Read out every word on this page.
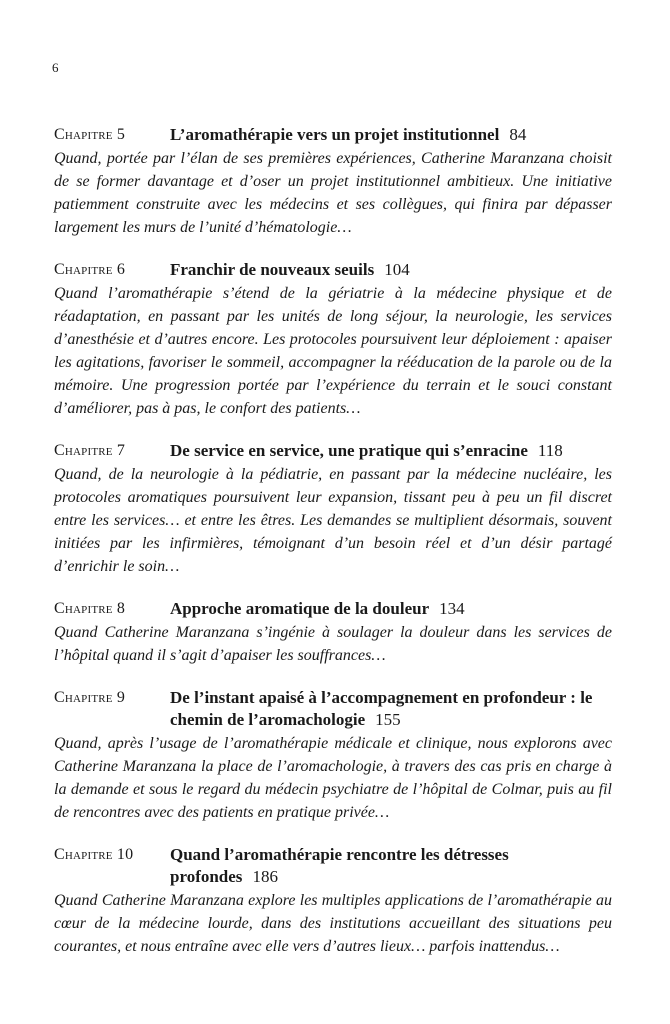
6
Chapitre 5	L’aromathérapie vers un projet institutionnel 84

Quand, portée par l’élan de ses premières expériences, Catherine Maranzana choisit de se former davantage et d’oser un projet institutionnel ambitieux. Une initiative patiemment construite avec les médecins et ses collègues, qui finira par dépasser largement les murs de l’unité d’hématologie…

Chapitre 6	Franchir de nouveaux seuils 104

Quand l’aromathérapie s’étend de la gériatrie à la médecine physique et de réadaptation, en passant par les unités de long séjour, la neurologie, les services d’anesthésie et d’autres encore. Les protocoles poursuivent leur déploiement : apaiser les agitations, favoriser le sommeil, accompagner la rééducation de la parole ou de la mémoire. Une progression portée par l’expérience du terrain et le souci constant d’améliorer, pas à pas, le confort des patients…

Chapitre 7	De service en service, une pratique qui s’enracine 118

Quand, de la neurologie à la pédiatrie, en passant par la médecine nucléaire, les protocoles aromatiques poursuivent leur expansion, tissant peu à peu un fil discret entre les services… et entre les êtres. Les demandes se multiplient désormais, souvent initiées par les infirmières, témoignant d’un besoin réel et d’un désir partagé d’enrichir le soin…

Chapitre 8	Approche aromatique de la douleur 134

Quand Catherine Maranzana s’ingénie à soulager la douleur dans les services de l’hôpital quand il s’agit d’apaiser les souffrances…

Chapitre 9	De l’instant apaisé à l’accompagnement en profondeur : le chemin de l’aromachologie 155

Quand, après l’usage de l’aromathérapie médicale et clinique, nous explorons avec Catherine Maranzana la place de l’aromachologie, à travers des cas pris en charge à la demande et sous le regard du médecin psychiatre de l’hôpital de Colmar, puis au fil de rencontres avec des patients en pratique privée…

Chapitre 10	Quand l’aromathérapie rencontre les détresses profondes 186

Quand Catherine Maranzana explore les multiples applications de l’aromathérapie au cœur de la médecine lourde, dans des institutions accueillant des situations peu courantes, et nous entraîne avec elle vers d’autres lieux… parfois inattendus…
